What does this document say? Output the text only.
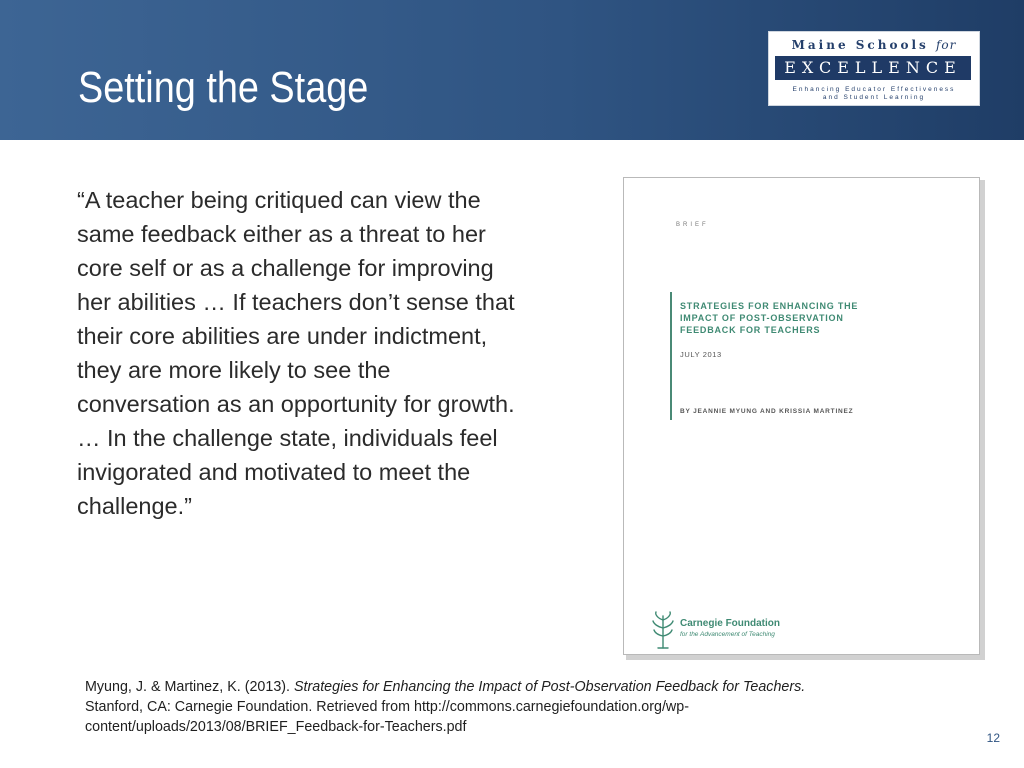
Setting the Stage
Maine Schools for
EXCELLENCE
Enhancing Educator Effectiveness
and Student Learning
“A teacher being critiqued can view the
same feedback either as a threat to her
core self or as a challenge for improving
her abilities … If teachers don’t sense that
their core abilities are under indictment,
they are more likely to see the
conversation as an opportunity for growth.
… In the challenge state, individuals feel
invigorated and motivated to meet the
challenge.”
BRIEF
STRATEGIES FOR ENHANCING THE
IMPACT OF POST-OBSERVATION
FEEDBACK FOR TEACHERS
JULY 2013
BY JEANNIE MYUNG AND KRISSIA MARTINEZ
Carnegie Foundation
for the Advancement of Teaching
Myung, J. & Martinez, K. (2013). Strategies for Enhancing the Impact of Post-Observation Feedback for Teachers.
Stanford, CA: Carnegie Foundation. Retrieved from http://commons.carnegiefoundation.org/wp-
content/uploads/2013/08/BRIEF_Feedback-for-Teachers.pdf
12
